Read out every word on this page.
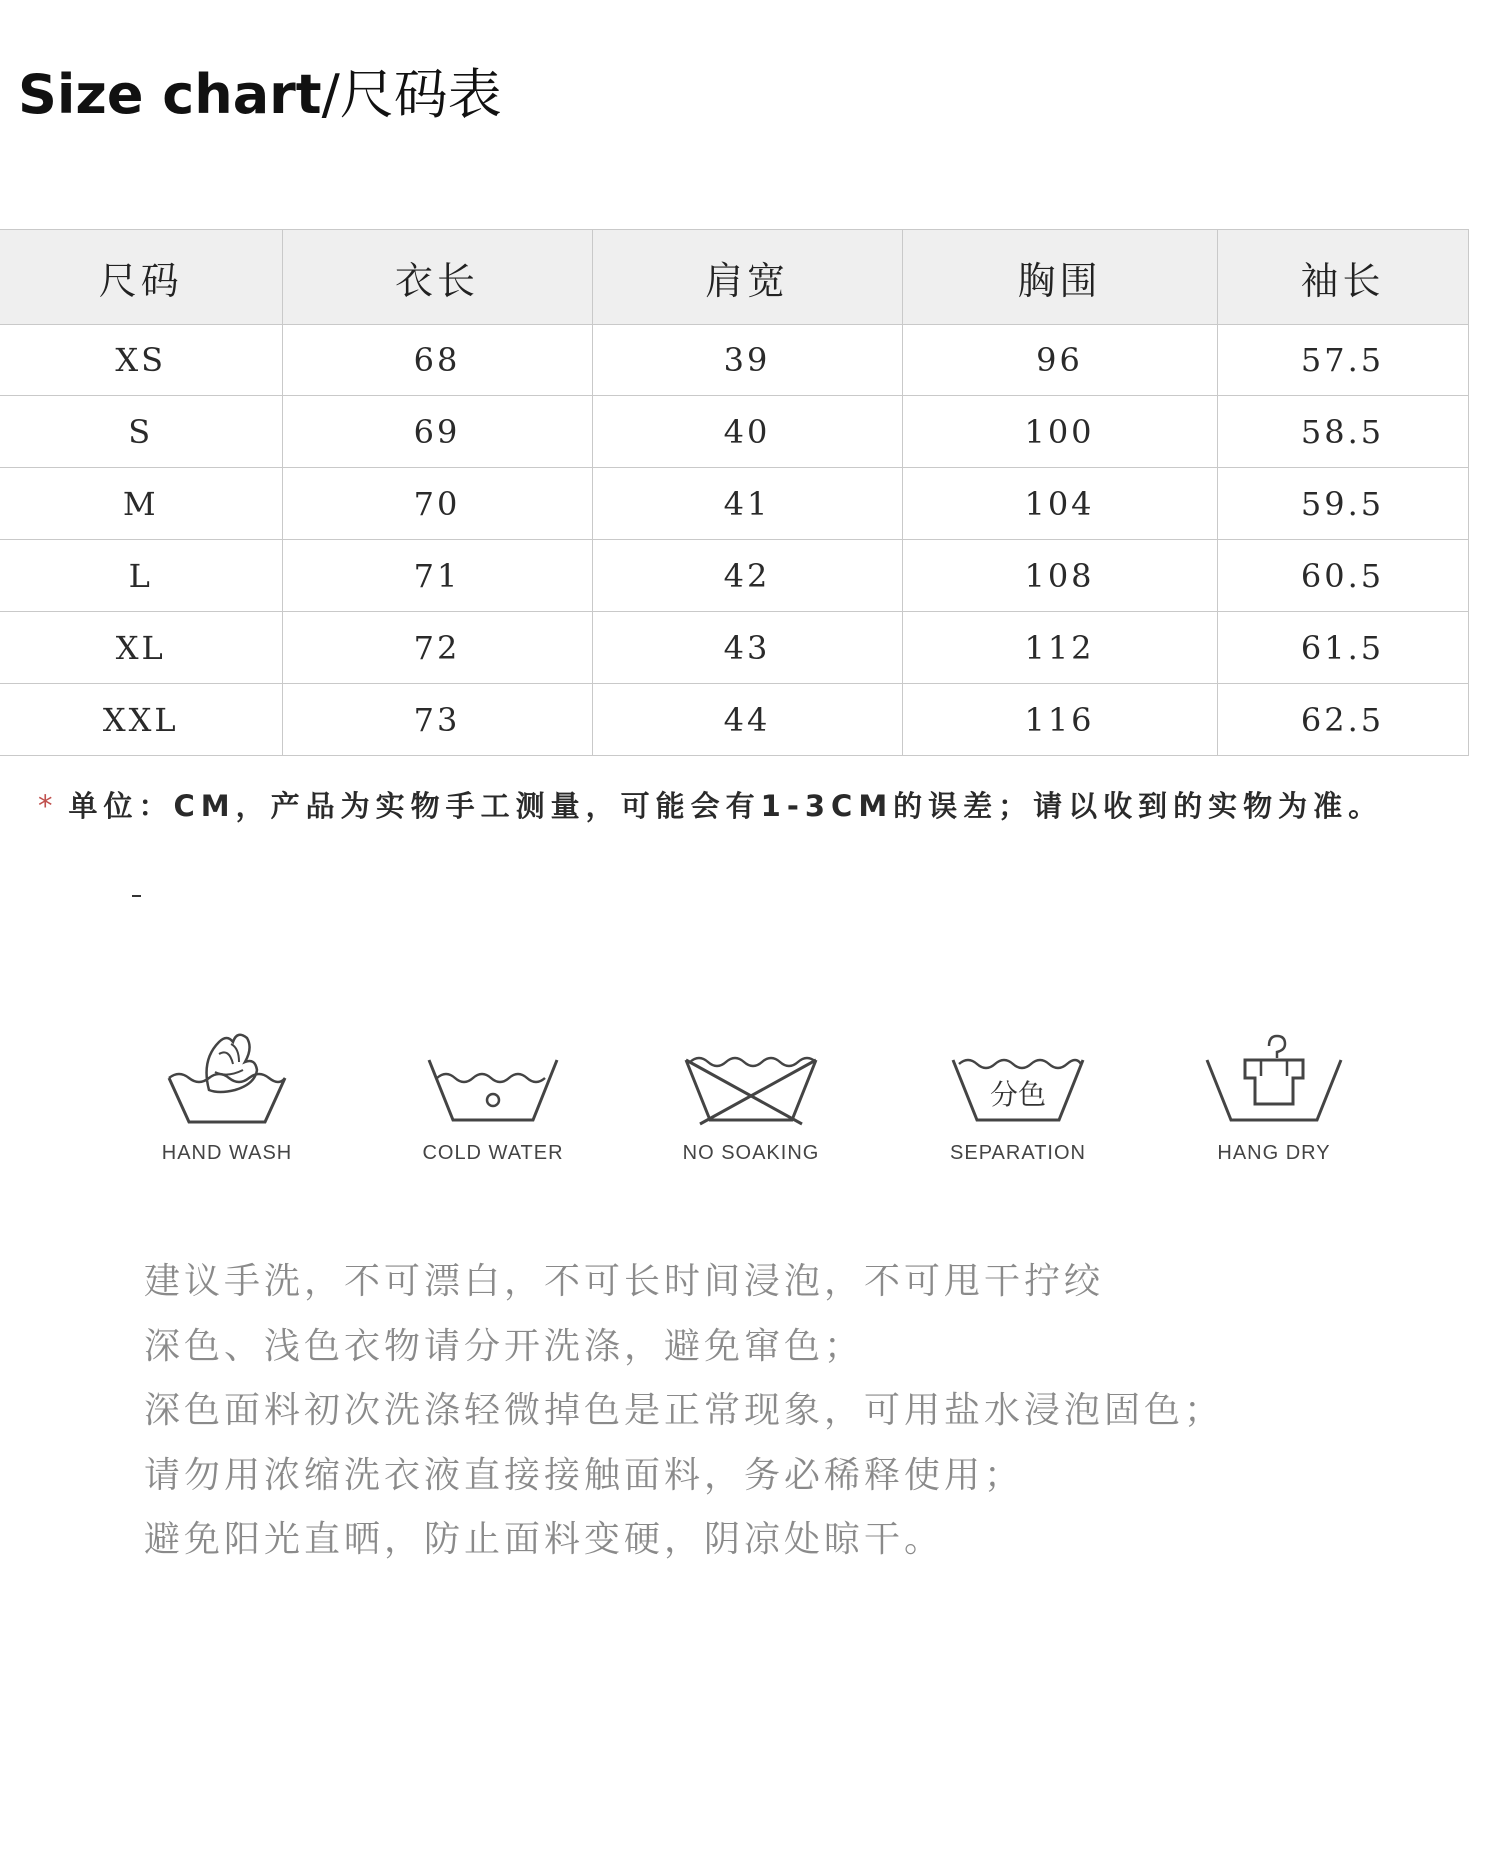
Size chart/尺码表
尺码	衣长	肩宽	胸围	袖长
XS	68	39	96	57.5
S	69	40	100	58.5
M	70	41	104	59.5
L	71	42	108	60.5
XL	72	43	112	61.5
XXL	73	44	116	62.5
* 单位：CM，产品为实物手工测量，可能会有1-3CM的误差；请以收到的实物为准。
HAND WASH	COLD WATER	NO SOAKING
分色
SEPARATION	HANG DRY
建议手洗，不可漂白，不可长时间浸泡，不可甩干拧绞
深色、浅色衣物请分开洗涤，避免窜色；
深色面料初次洗涤轻微掉色是正常现象，可用盐水浸泡固色；
请勿用浓缩洗衣液直接接触面料，务必稀释使用；
避免阳光直晒，防止面料变硬，阴凉处晾干。
